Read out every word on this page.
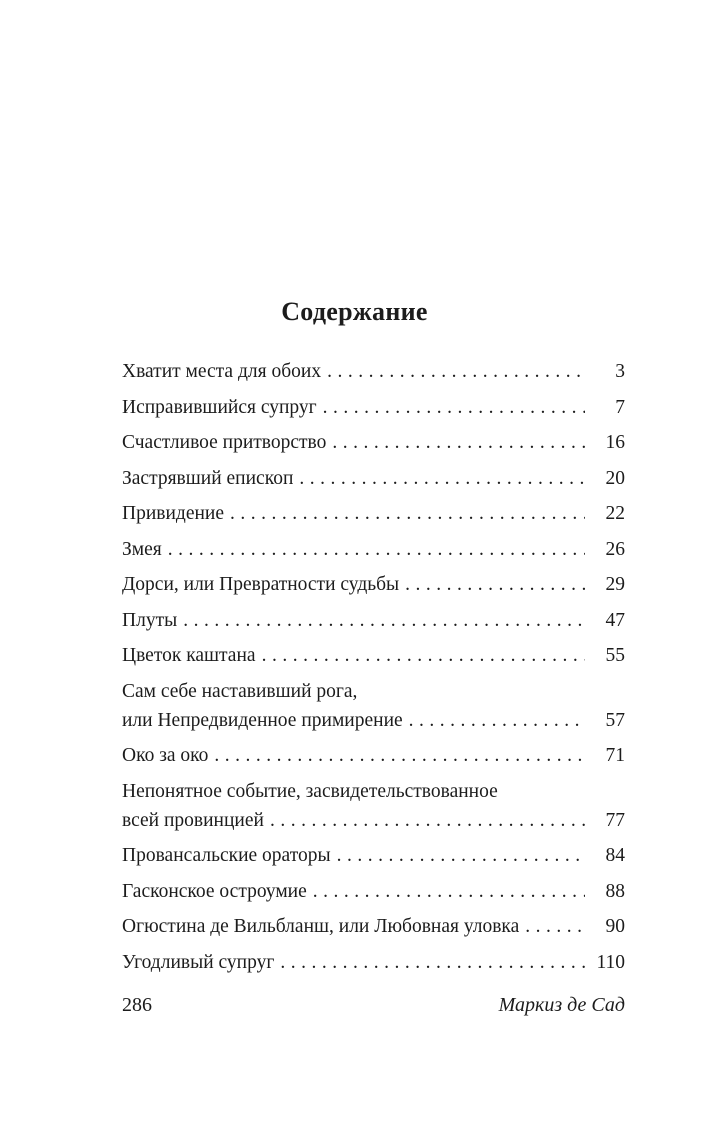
Содержание
Хватит места для обоих .....	3
Исправившийся супруг .....	7
Счастливое притворство .....	16
Застрявший епископ .....	20
Привидение .....	22
Змея .....	26
Дорси, или Превратности судьбы .....	29
Плуты .....	47
Цветок каштана .....	55
Сам себе наставивший рога,
или Непредвиденное примирение .....	57
Око за око .....	71
Непонятное событие, засвидетельствованное
всей провинцией .....	77
Провансальские ораторы .....	84
Гасконское остроумие .....	88
Огюстина де Вильбланш, или Любовная уловка .....	90
Угодливый супруг .....	110
286	Маркиз де Сад
